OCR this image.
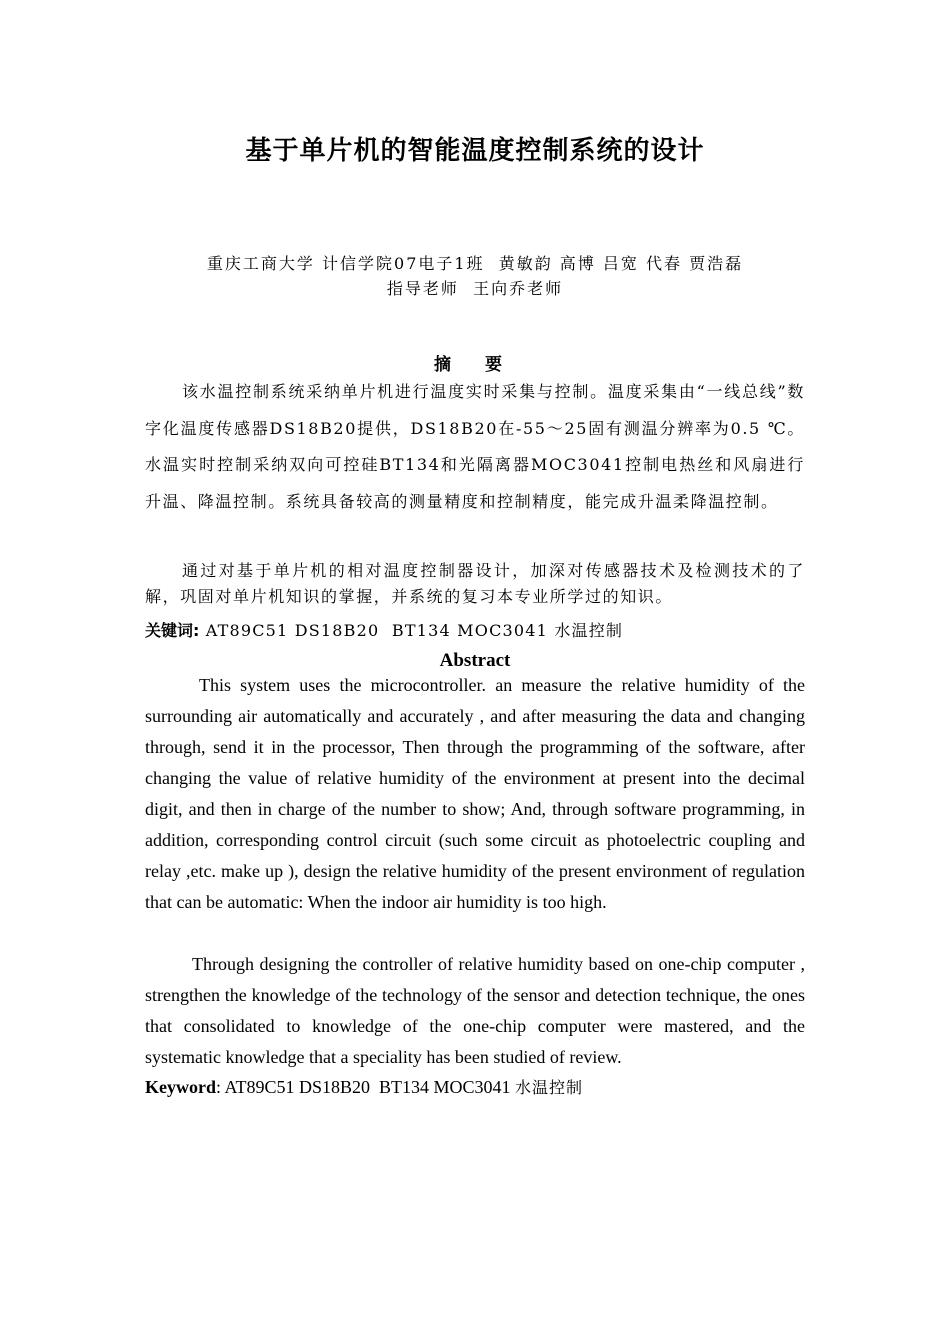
基于单片机的智能温度控制系统的设计
重庆工商大学 计信学院07电子1班  黄敏韵 高博 吕宽 代春 贾浩磊
指导老师  王向乔老师
摘 要
该水温控制系统采纳单片机进行温度实时采集与控制。温度采集由“一线总线”数字化温度传感器DS18B20提供，DS18B20在-55～25固有测温分辨率为0.5 ℃。水温实时控制采纳双向可控硅BT134和光隔离器MOC3041控制电热丝和风扇进行升温、降温控制。系统具备较高的测量精度和控制精度，能完成升温柔降温控制。
通过对基于单片机的相对温度控制器设计，加深对传感器技术及检测技术的了解，巩固对单片机知识的掌握，并系统的复习本专业所学过的知识。
关键词: AT89C51 DS18B20  BT134 MOC3041 水温控制
Abstract
This system uses the microcontroller. an measure the relative humidity of the surrounding air automatically and accurately , and after measuring the data and changing through, send it in the processor, Then through the programming of the software, after changing the value of relative humidity of the environment at present into the decimal digit, and then in charge of the number to show; And, through software programming, in addition, corresponding control circuit (such some circuit as photoelectric coupling and relay ,etc. make up ), design the relative humidity of the present environment of regulation that can be automatic: When the indoor air humidity is too high.
Through designing the controller of relative humidity based on one-chip computer , strengthen the knowledge of the technology of the sensor and detection technique, the ones that consolidated to knowledge of the one-chip computer were mastered, and the systematic knowledge that a speciality has been studied of review.
Keyword: AT89C51 DS18B20  BT134 MOC3041 水温控制
